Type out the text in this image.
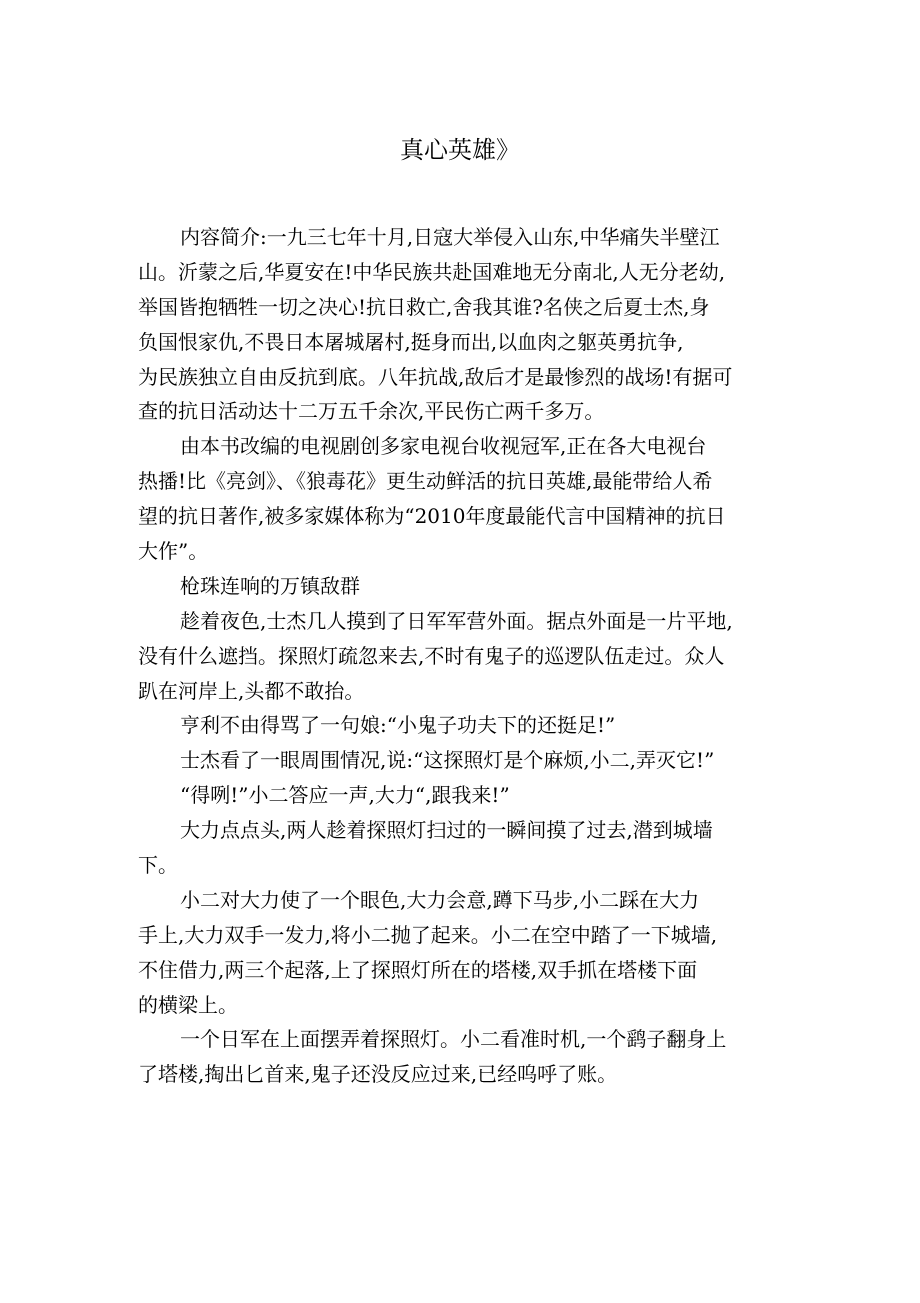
真心英雄》
内容简介:一九三七年十月,日寇大举侵入山东,中华痛失半壁江
山。沂蒙之后,华夏安在!中华民族共赴国难地无分南北,人无分老幼,
举国皆抱牺牲一切之决心!抗日救亡,舍我其谁?名侠之后夏士杰,身
负国恨家仇,不畏日本屠城屠村,挺身而出,以血肉之躯英勇抗争,
为民族独立自由反抗到底。八年抗战,敌后才是最惨烈的战场!有据可
查的抗日活动达十二万五千余次,平民伤亡两千多万。
由本书改编的电视剧创多家电视台收视冠军,正在各大电视台
热播!比《亮剑》、《狼毒花》更生动鲜活的抗日英雄,最能带给人希
望的抗日著作,被多家媒体称为“2010年度最能代言中国精神的抗日
大作”。
枪珠连响的万镇敌群
趁着夜色,士杰几人摸到了日军军营外面。据点外面是一片平地,
没有什么遮挡。探照灯疏忽来去,不时有鬼子的巡逻队伍走过。众人
趴在河岸上,头都不敢抬。
亨利不由得骂了一句娘:“小鬼子功夫下的还挺足!”
士杰看了一眼周围情况,说:“这探照灯是个麻烦,小二,弄灭它!”
“得咧!”小二答应一声,大力“,跟我来!”
大力点点头,两人趁着探照灯扫过的一瞬间摸了过去,潜到城墙
下。
小二对大力使了一个眼色,大力会意,蹲下马步,小二踩在大力
手上,大力双手一发力,将小二抛了起来。小二在空中踏了一下城墙,
不住借力,两三个起落,上了探照灯所在的塔楼,双手抓在塔楼下面
的横梁上。
一个日军在上面摆弄着探照灯。小二看准时机,一个鹞子翻身上
了塔楼,掏出匕首来,鬼子还没反应过来,已经呜呼了账。
